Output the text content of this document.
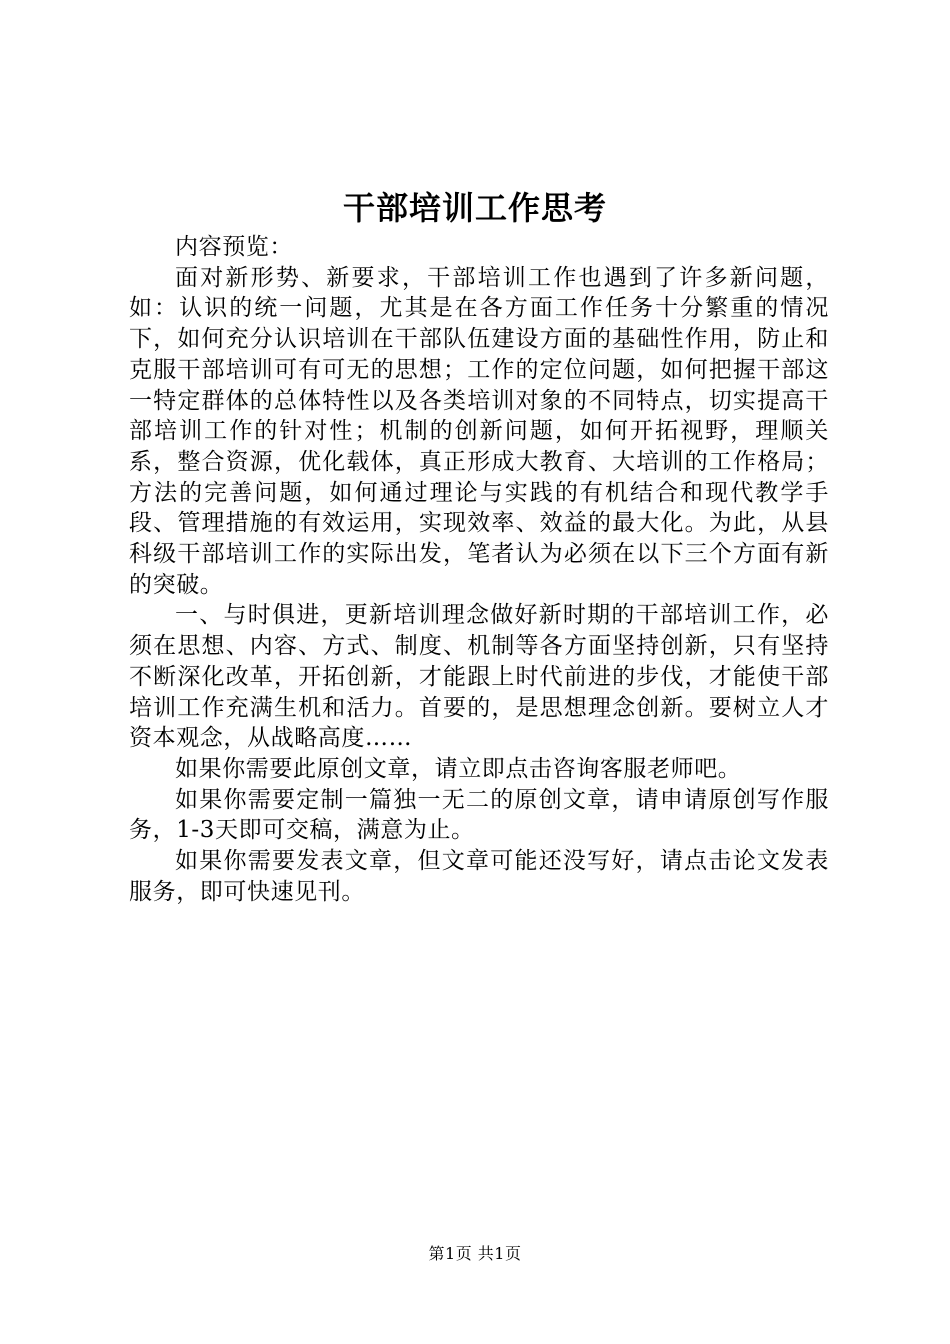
干部培训工作思考

内容预览：

面对新形势、新要求，干部培训工作也遇到了许多新问题，如：认识的统一问题，尤其是在各方面工作任务十分繁重的情况下，如何充分认识培训在干部队伍建设方面的基础性作用，防止和克服干部培训可有可无的思想；工作的定位问题，如何把握干部这一特定群体的总体特性以及各类培训对象的不同特点，切实提高干部培训工作的针对性；机制的创新问题，如何开拓视野，理顺关系，整合资源，优化载体，真正形成大教育、大培训的工作格局；方法的完善问题，如何通过理论与实践的有机结合和现代教学手段、管理措施的有效运用，实现效率、效益的最大化。为此，从县科级干部培训工作的实际出发，笔者认为必须在以下三个方面有新的突破。

一、与时俱进，更新培训理念做好新时期的干部培训工作，必须在思想、内容、方式、制度、机制等各方面坚持创新，只有坚持不断深化改革，开拓创新，才能跟上时代前进的步伐，才能使干部培训工作充满生机和活力。首要的，是思想理念创新。要树立人才资本观念，从战略高度……

如果你需要此原创文章，请立即点击咨询客服老师吧。

如果你需要定制一篇独一无二的原创文章，请申请原创写作服务，1-3天即可交稿，满意为止。

如果你需要发表文章，但文章可能还没写好，请点击论文发表服务，即可快速见刊。

第1页 共1页
